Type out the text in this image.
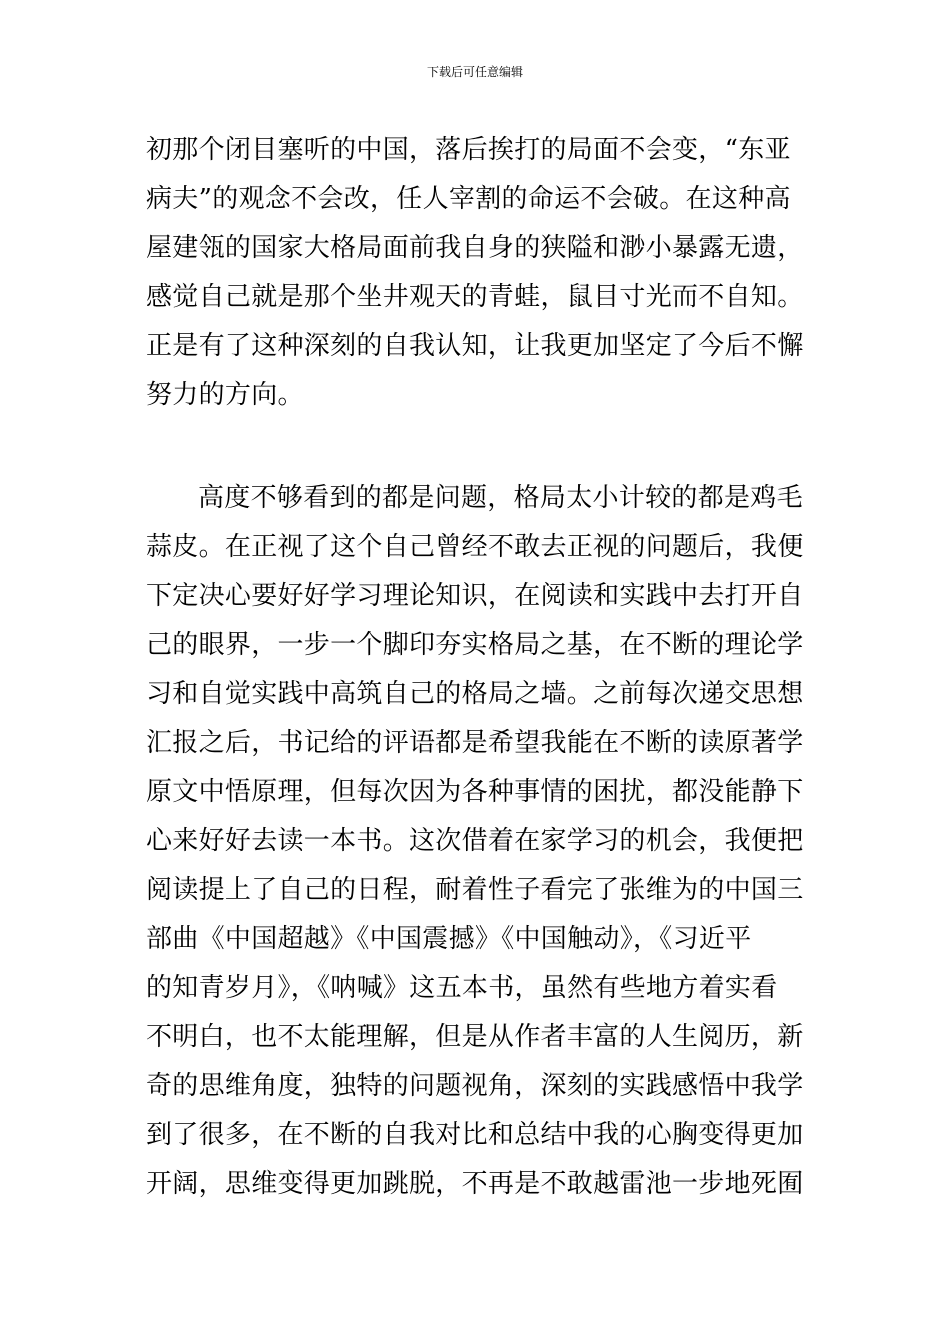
下载后可任意编辑
初那个闭目塞听的中国，落后挨打的局面不会变，“东亚
病夫”的观念不会改，任人宰割的命运不会破。在这种高
屋建瓴的国家大格局面前我自身的狭隘和渺小暴露无遗，
感觉自己就是那个坐井观天的青蛙，鼠目寸光而不自知。
正是有了这种深刻的自我认知，让我更加坚定了今后不懈
努力的方向。
高度不够看到的都是问题，格局太小计较的都是鸡毛
蒜皮。在正视了这个自己曾经不敢去正视的问题后，我便
下定决心要好好学习理论知识，在阅读和实践中去打开自
己的眼界，一步一个脚印夯实格局之基，在不断的理论学
习和自觉实践中高筑自己的格局之墙。之前每次递交思想
汇报之后，书记给的评语都是希望我能在不断的读原著学
原文中悟原理，但每次因为各种事情的困扰，都没能静下
心来好好去读一本书。这次借着在家学习的机会，我便把
阅读提上了自己的日程，耐着性子看完了张维为的中国三
部曲《中国超越》《中国震撼》《中国触动》，《习近平
的知青岁月》，《呐喊》这五本书，虽然有些地方着实看
不明白，也不太能理解，但是从作者丰富的人生阅历，新
奇的思维角度，独特的问题视角，深刻的实践感悟中我学
到了很多，在不断的自我对比和总结中我的心胸变得更加
开阔，思维变得更加跳脱，不再是不敢越雷池一步地死囿
